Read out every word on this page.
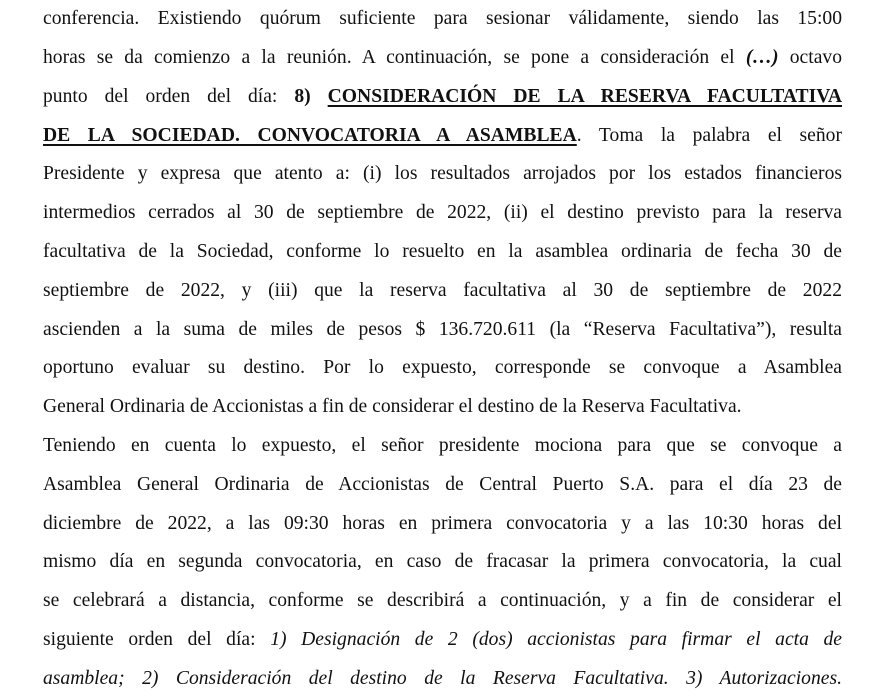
conferencia. Existiendo quórum suficiente para sesionar válidamente, siendo las 15:00
horas se da comienzo a la reunión. A continuación, se pone a consideración el (…) octavo
punto del orden del día: 8) CONSIDERACIÓN DE LA RESERVA FACULTATIVA
DE LA SOCIEDAD. CONVOCATORIA A ASAMBLEA. Toma la palabra el señor
Presidente y expresa que atento a: (i) los resultados arrojados por los estados financieros
intermedios cerrados al 30 de septiembre de 2022, (ii) el destino previsto para la reserva
facultativa de la Sociedad, conforme lo resuelto en la asamblea ordinaria de fecha 30 de
septiembre de 2022, y (iii) que la reserva facultativa al 30 de septiembre de 2022
ascienden a la suma de miles de pesos $ 136.720.611 (la “Reserva Facultativa”), resulta
oportuno evaluar su destino. Por lo expuesto, corresponde se convoque a Asamblea
General Ordinaria de Accionistas a fin de considerar el destino de la Reserva Facultativa.
Teniendo en cuenta lo expuesto, el señor presidente mociona para que se convoque a
Asamblea General Ordinaria de Accionistas de Central Puerto S.A. para el día 23 de
diciembre de 2022, a las 09:30 horas en primera convocatoria y a las 10:30 horas del
mismo día en segunda convocatoria, en caso de fracasar la primera convocatoria, la cual
se celebrará a distancia, conforme se describirá a continuación, y a fin de considerar el
siguiente orden del día: 1) Designación de 2 (dos) accionistas para firmar el acta de
asamblea; 2) Consideración del destino de la Reserva Facultativa. 3) Autorizaciones.
